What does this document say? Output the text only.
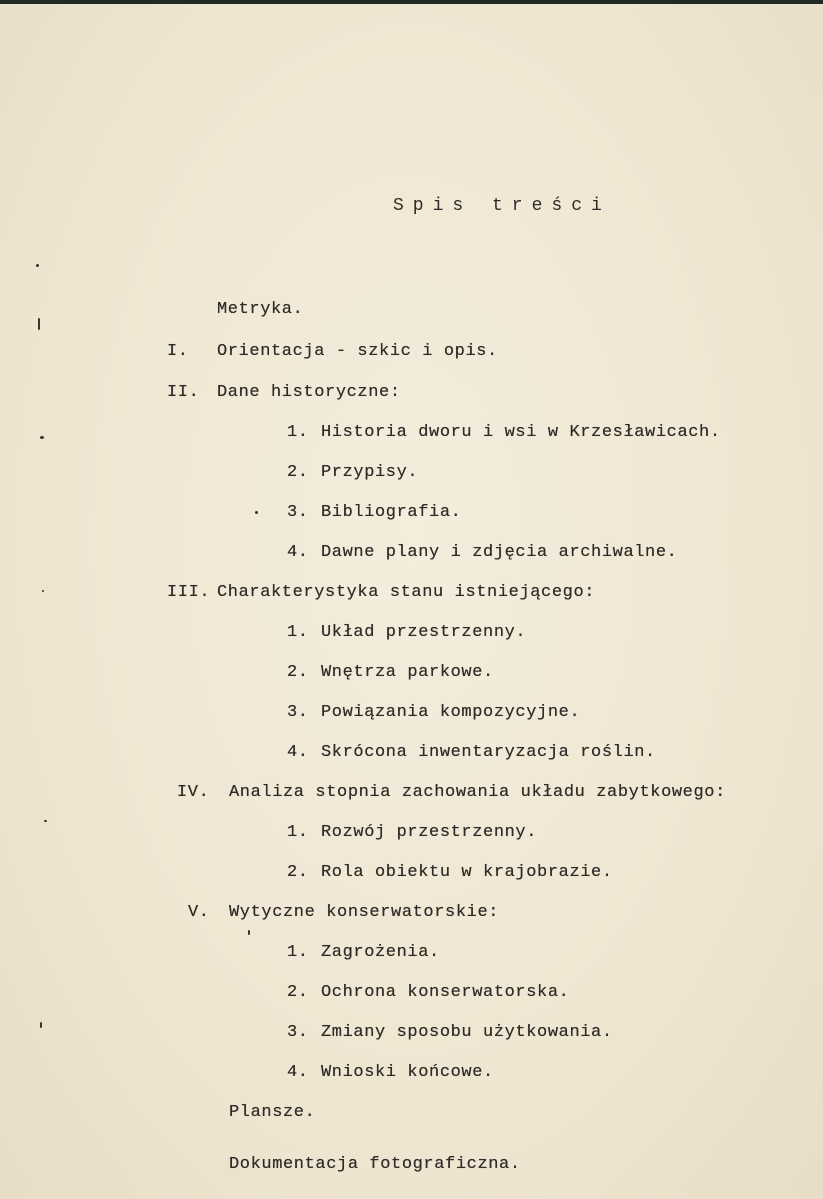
Spis treści
Metryka.
I. Orientacja - szkic i opis.
II. Dane historyczne:
1. Historia dworu i wsi w Krzesławicach.
2. Przypisy.
3. Bibliografia.
4. Dawne plany i zdjęcia archiwalne.
III. Charakterystyka stanu istniejącego:
1. Układ przestrzenny.
2. Wnętrza parkowe.
3. Powiązania kompozycyjne.
4. Skrócona inwentaryzacja roślin.
IV. Analiza stopnia zachowania układu zabytkowego:
1. Rozwój przestrzenny.
2. Rola obiektu w krajobrazie.
V. Wytyczne konserwatorskie:
1. Zagrożenia.
2. Ochrona konserwatorska.
3. Zmiany sposobu użytkowania.
4. Wnioski końcowe.
Plansze.
Dokumentacja fotograficzna.
